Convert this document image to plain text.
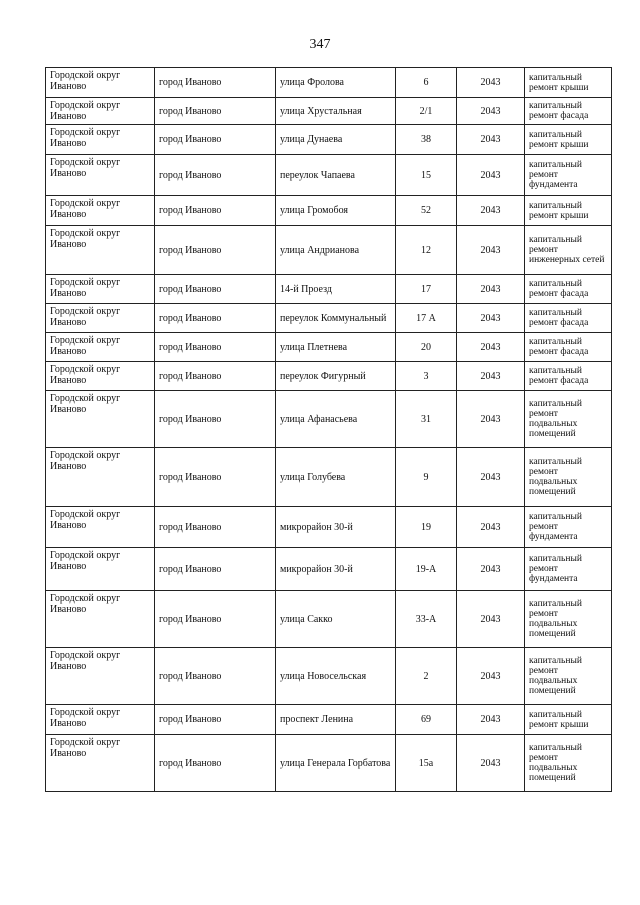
347
Городской округ Иваново	город Иваново	улица Фролова	6	2043	капитальный ремонт крыши
Городской округ Иваново	город Иваново	улица Хрустальная	2/1	2043	капитальный ремонт фасада
Городской округ Иваново	город Иваново	улица Дунаева	38	2043	капитальный ремонт крыши
Городской округ Иваново	город Иваново	переулок Чапаева	15	2043	капитальный ремонт фундамента
Городской округ Иваново	город Иваново	улица Громобоя	52	2043	капитальный ремонт крыши
Городской округ Иваново	город Иваново	улица Андрианова	12	2043	капитальный ремонт инженерных сетей
Городской округ Иваново	город Иваново	14-й Проезд	17	2043	капитальный ремонт фасада
Городской округ Иваново	город Иваново	переулок Коммунальный	17 А	2043	капитальный ремонт фасада
Городской округ Иваново	город Иваново	улица Плетнева	20	2043	капитальный ремонт фасада
Городской округ Иваново	город Иваново	переулок Фигурный	3	2043	капитальный ремонт фасада
Городской округ Иваново	город Иваново	улица Афанасьева	31	2043	капитальный ремонт подвальных помещений
Городской округ Иваново	город Иваново	улица Голубева	9	2043	капитальный ремонт подвальных помещений
Городской округ Иваново	город Иваново	микрорайон 30-й	19	2043	капитальный ремонт фундамента
Городской округ Иваново	город Иваново	микрорайон 30-й	19-А	2043	капитальный ремонт фундамента
Городской округ Иваново	город Иваново	улица Сакко	33-А	2043	капитальный ремонт подвальных помещений
Городской округ Иваново	город Иваново	улица Новосельская	2	2043	капитальный ремонт подвальных помещений
Городской округ Иваново	город Иваново	проспект Ленина	69	2043	капитальный ремонт крыши
Городской округ Иваново	город Иваново	улица Генерала Горбатова	15а	2043	капитальный ремонт подвальных помещений
